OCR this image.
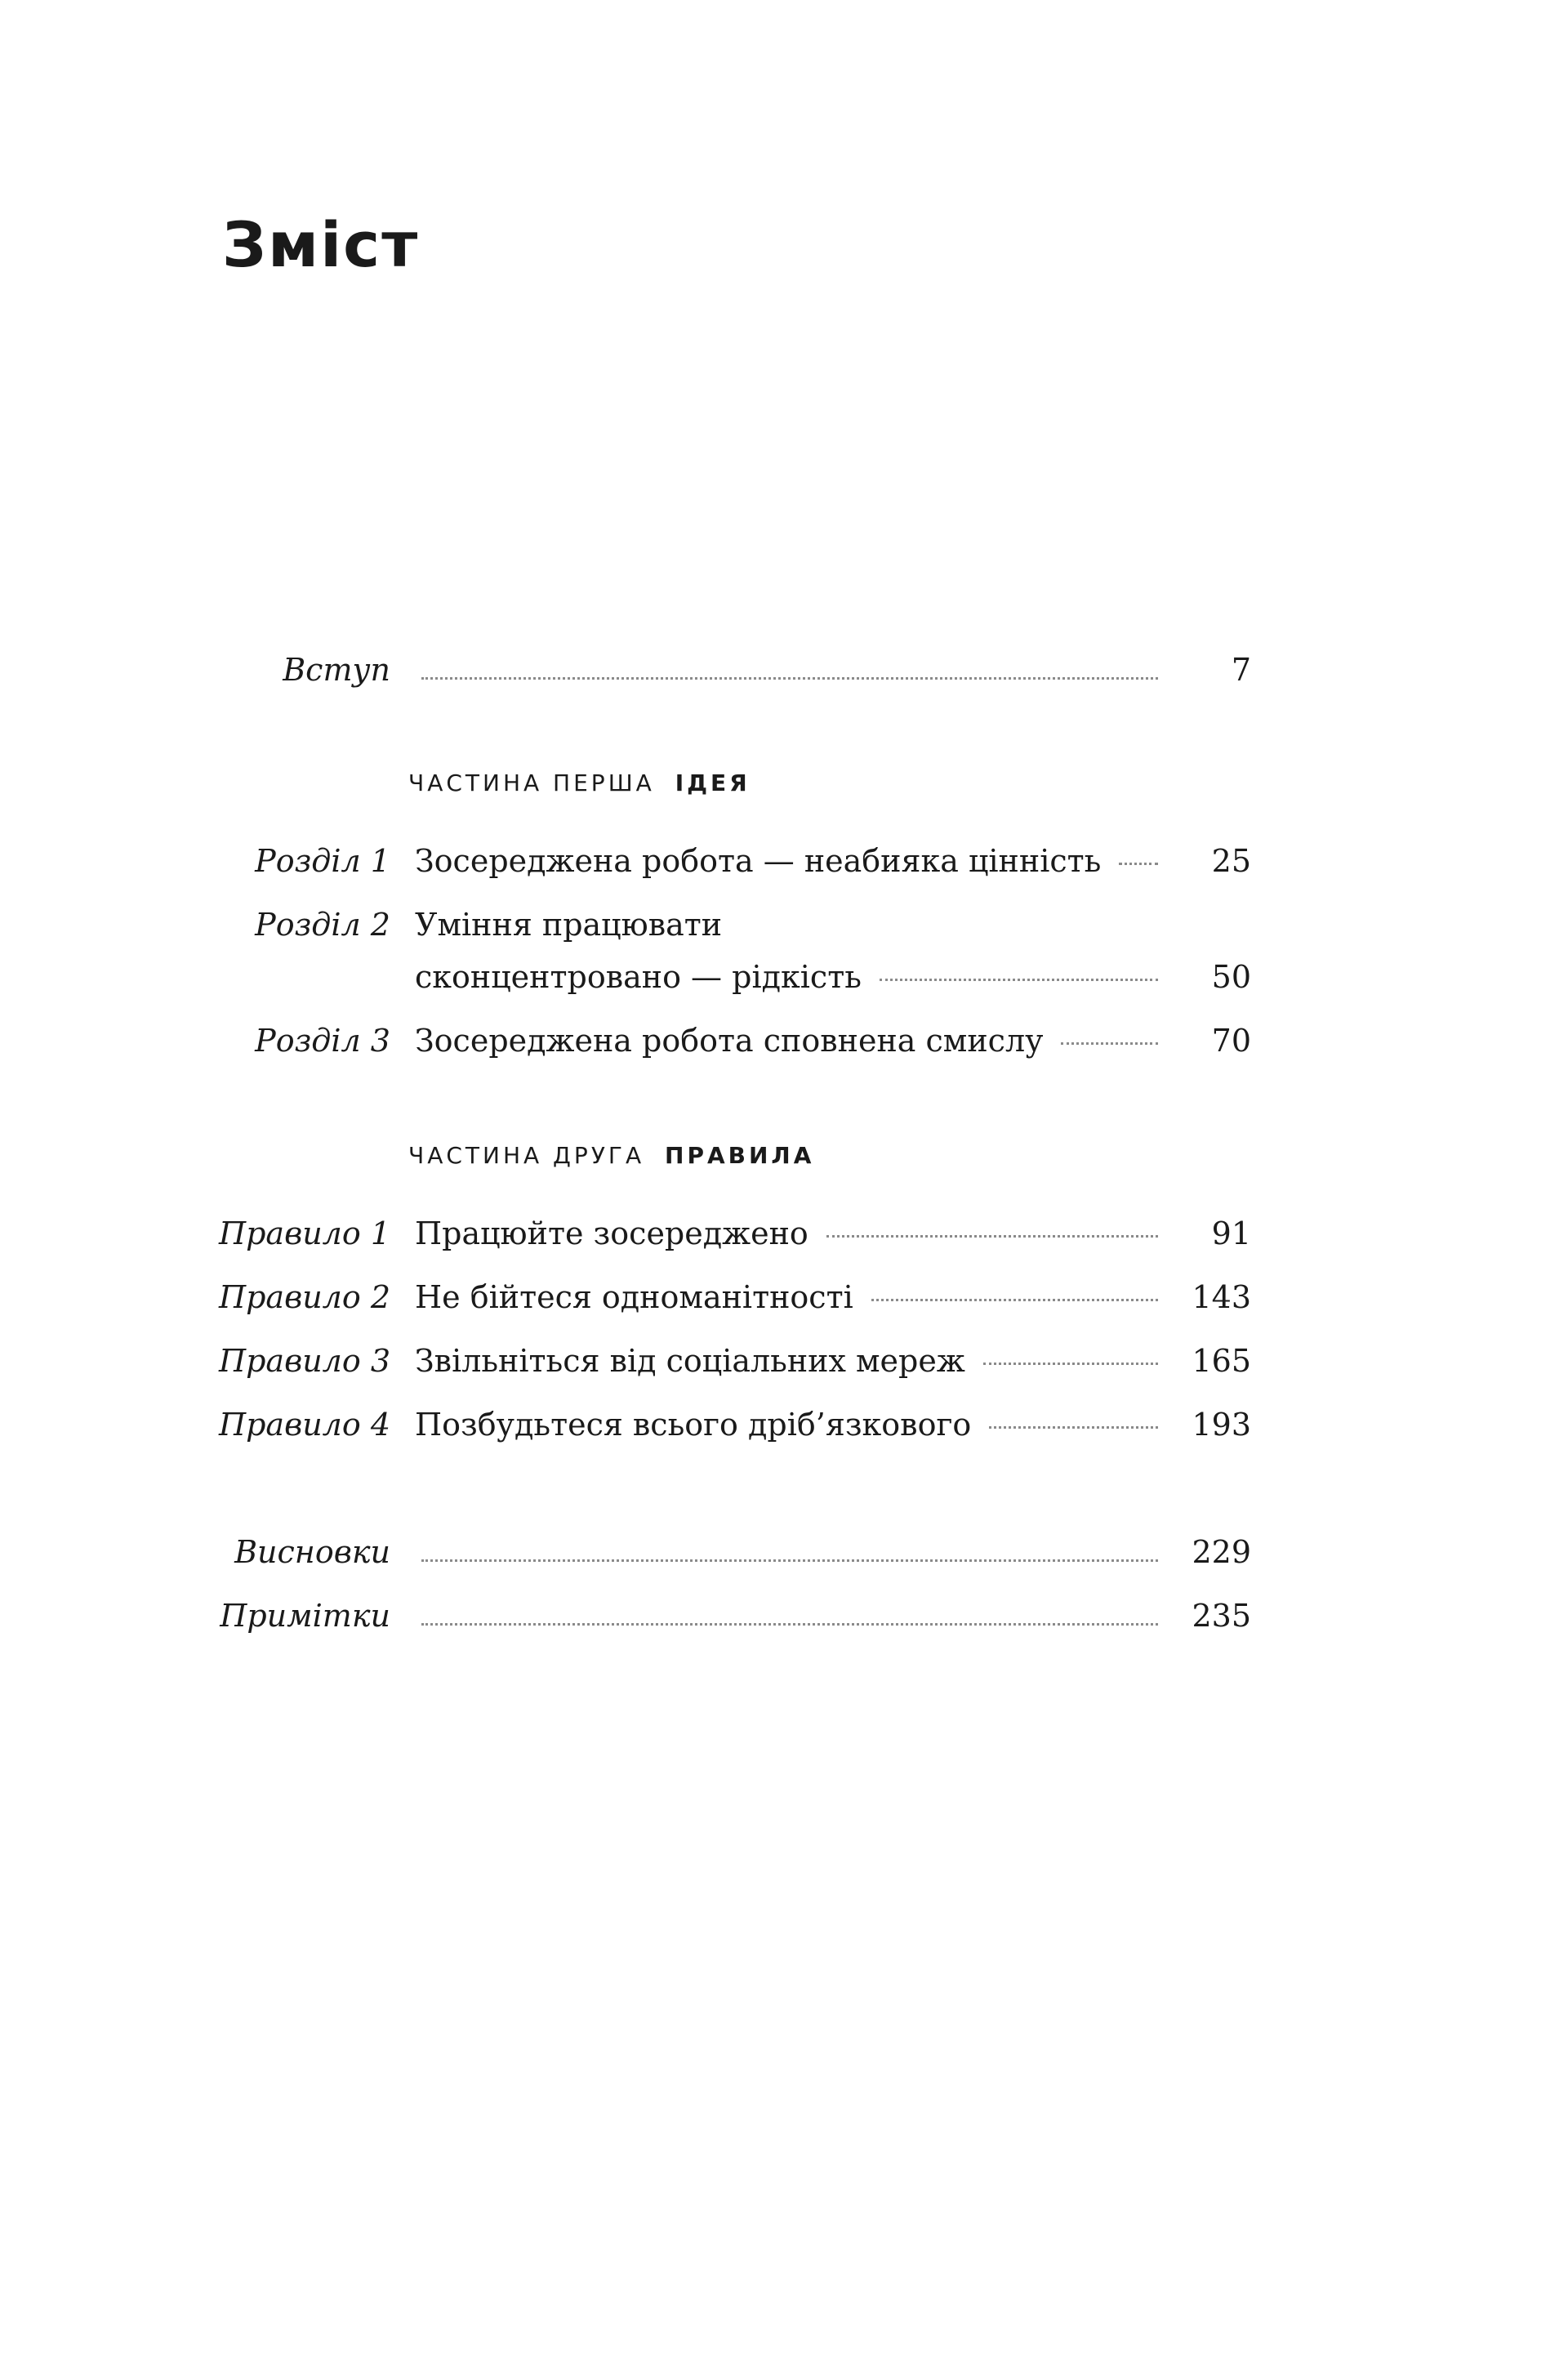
Зміст
Вступ	7
ЧАСТИНА ПЕРША ІДЕЯ
Розділ 1 Зосереджена робота — неабияка цінність	25
Розділ 2 Уміння працювати
сконцентровано — рідкість	50
Розділ 3 Зосереджена робота сповнена смислу	70
ЧАСТИНА ДРУГА ПРАВИЛА
Правило 1 Працюйте зосереджено	91
Правило 2 Не бійтеся одноманітності	143
Правило 3 Звільніться від соціальних мереж	165
Правило 4 Позбудьтеся всього дріб’язкового	193
Висновки	229
Примітки	235
